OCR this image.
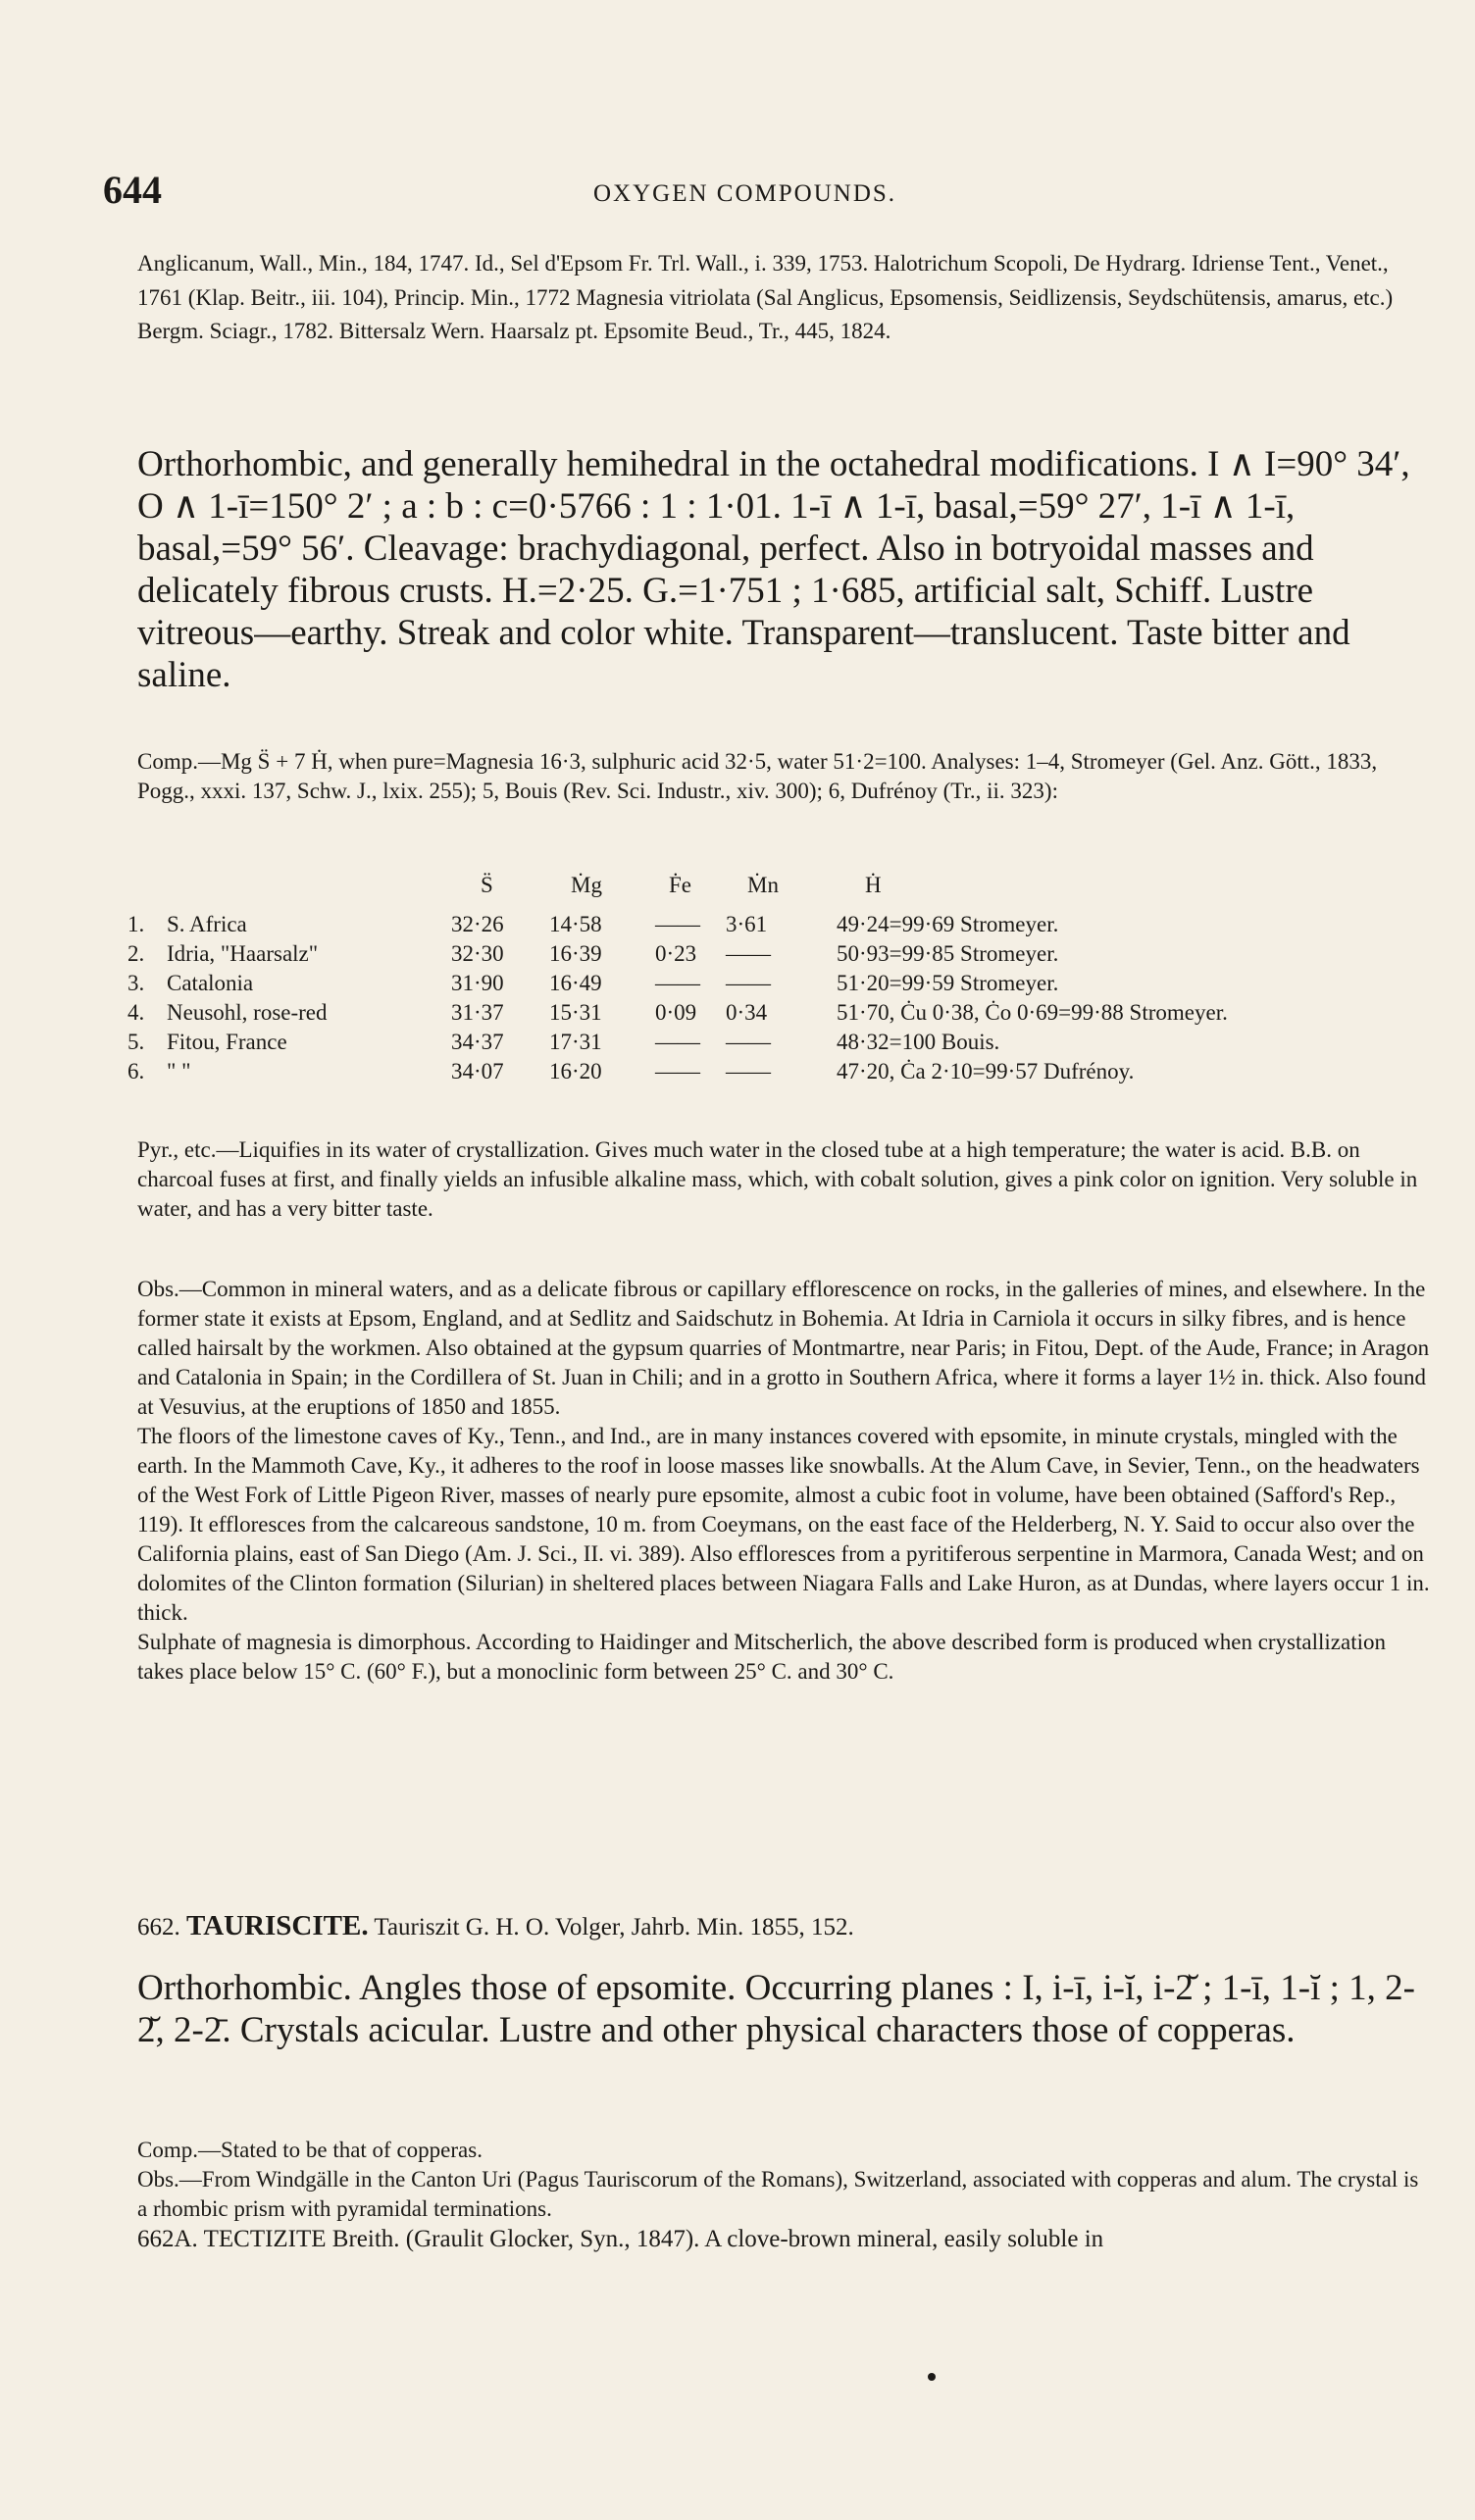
644	OXYGEN COMPOUNDS.

Anglicanum, Wall., Min., 184, 1747. Id., Sel d'Epsom Fr. Trl. Wall., i. 339, 1753. Halotrichum Scopoli, De Hydrarg. Idriense Tent., Venet., 1761 (Klap. Beitr., iii. 104), Princip. Min., 1772 Magnesia vitriolata (Sal Anglicus, Epsomensis, Seidlizensis, Seydschütensis, amarus, etc.) Bergm. Sciagr., 1782. Bittersalz Wern. Haarsalz pt. Epsomite Beud., Tr., 445, 1824.

Orthorhombic, and generally hemihedral in the octahedral modifications. I ∧ I=90° 34′, O ∧ 1-ī=150° 2′ ; a : b : c=0·5766 : 1 : 1·01. 1-ī ∧ 1-ī, basal,=59° 27′, 1-ī ∧ 1-ī, basal,=59° 56′. Cleavage: brachydiagonal, perfect. Also in botryoidal masses and delicately fibrous crusts. H.=2·25. G.=1·751 ; 1·685, artificial salt, Schiff. Lustre vitreous—earthy. Streak and color white. Transparent—translucent. Taste bitter and saline.

Comp.—Mg S̈ + 7 Ḣ, when pure=Magnesia 16·3, sulphuric acid 32·5, water 51·2=100. Analyses: 1–4, Stromeyer (Gel. Anz. Gött., 1833, Pogg., xxxi. 137, Schw. J., lxix. 255); 5, Bouis (Rev. Sci. Industr., xiv. 300); 6, Dufrénoy (Tr., ii. 323):

S̈	Ṁg	Ḟe Ṁn	Ḣ
1. S. Africa	32·26 14·58 —— 3·61	49·24=99·69 Stromeyer.
2. Idria, "Haarsalz"	32·30 16·39 0·23 ——	50·93=99·85 Stromeyer.
3. Catalonia	31·90 16·49 —— ——	51·20=99·59 Stromeyer.
4. Neusohl, rose-red	31·37 15·31 0·09 0·34	51·70, Ċu 0·38, Ċo 0·69=99·88 Stromeyer.
5. Fitou, France	34·37 17·31 —— ——	48·32=100 Bouis.
6. " "	34·07 16·20 —— ——	47·20, Ċa 2·10=99·57 Dufrénoy.

Pyr., etc.—Liquifies in its water of crystallization. Gives much water in the closed tube at a high temperature; the water is acid. B.B. on charcoal fuses at first, and finally yields an infusible alkaline mass, which, with cobalt solution, gives a pink color on ignition. Very soluble in water, and has a very bitter taste.

Obs.—Common in mineral waters, and as a delicate fibrous or capillary efflorescence on rocks, in the galleries of mines, and elsewhere. In the former state it exists at Epsom, England, and at Sedlitz and Saidschutz in Bohemia. At Idria in Carniola it occurs in silky fibres, and is hence called hairsalt by the workmen. Also obtained at the gypsum quarries of Montmartre, near Paris; in Fitou, Dept. of the Aude, France; in Aragon and Catalonia in Spain; in the Cordillera of St. Juan in Chili; and in a grotto in Southern Africa, where it forms a layer 1½ in. thick. Also found at Vesuvius, at the eruptions of 1850 and 1855.

The floors of the limestone caves of Ky., Tenn., and Ind., are in many instances covered with epsomite, in minute crystals, mingled with the earth. In the Mammoth Cave, Ky., it adheres to the roof in loose masses like snowballs. At the Alum Cave, in Sevier, Tenn., on the headwaters of the West Fork of Little Pigeon River, masses of nearly pure epsomite, almost a cubic foot in volume, have been obtained (Safford's Rep., 119). It effloresces from the calcareous sandstone, 10 m. from Coeymans, on the east face of the Helderberg, N. Y. Said to occur also over the California plains, east of San Diego (Am. J. Sci., II. vi. 389). Also effloresces from a pyritiferous serpentine in Marmora, Canada West; and on dolomites of the Clinton formation (Silurian) in sheltered places between Niagara Falls and Lake Huron, as at Dundas, where layers occur 1 in. thick.

Sulphate of magnesia is dimorphous. According to Haidinger and Mitscherlich, the above described form is produced when crystallization takes place below 15° C. (60° F.), but a monoclinic form between 25° C. and 30° C.

662. TAURISCITE. Tauriszit G. H. O. Volger, Jahrb. Min. 1855, 152.

Orthorhombic. Angles those of epsomite. Occurring planes : I, i-ī, i-ĭ, i-2̆ ; 1-ī, 1-ĭ ; 1, 2-2̆, 2-2̄. Crystals acicular. Lustre and other physical characters those of copperas.

Comp.—Stated to be that of copperas.

Obs.—From Windgälle in the Canton Uri (Pagus Tauriscorum of the Romans), Switzerland, associated with copperas and alum. The crystal is a rhombic prism with pyramidal terminations.

662A. TECTIZITE Breith. (Graulit Glocker, Syn., 1847). A clove-brown mineral, easily soluble in
